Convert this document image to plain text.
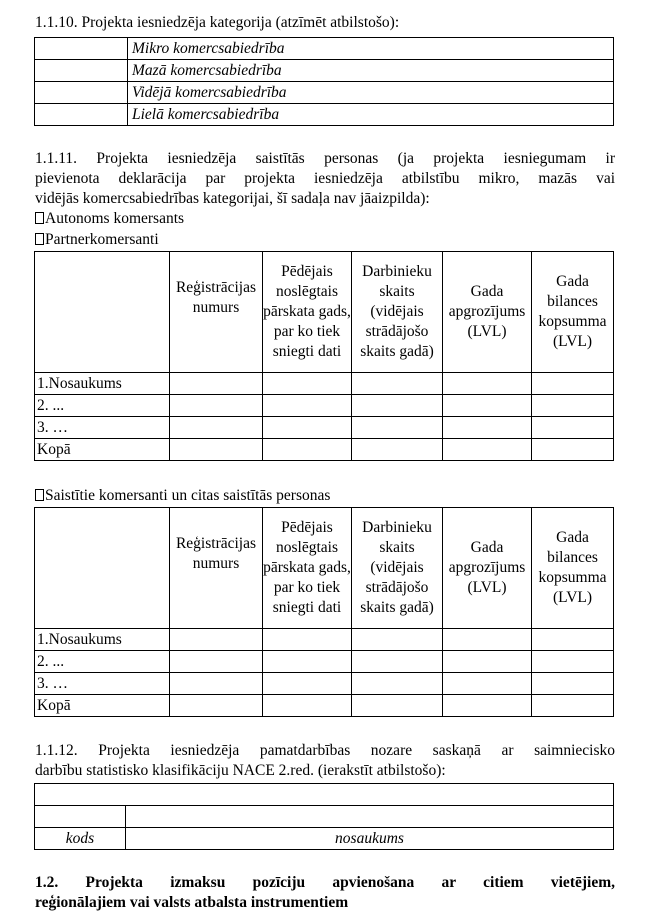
1.1.10. Projekta iesniedzēja kategorija (atzīmēt atbilstošo):
	Mikro komercsabiedrība
	Mazā komercsabiedrība
	Vidējā komercsabiedrība
	Lielā komercsabiedrība
1.1.11. Projekta iesniedzēja saistītās personas (ja projekta iesniegumam ir
pievienota deklarācija par projekta iesniedzēja atbilstību mikro, mazās vai
vidējās komercsabiedrības kategorijai, šī sadaļa nav jāaizpilda):
Autonoms komersants
Partnerkomersanti

	Reģistrācijas numurs	Pēdējais noslēgtais pārskata gads, par ko tiek sniegti dati	Darbinieku skaits (vidējais strādājošo skaits gadā)	Gada apgrozījums (LVL)	Gada bilances kopsumma (LVL)
1.Nosaukums					
2. ...					
3. …					
Kopā					
Saistītie komersanti un citas saistītās personas

	Reģistrācijas numurs	Pēdējais noslēgtais pārskata gads, par ko tiek sniegti dati	Darbinieku skaits (vidējais strādājošo skaits gadā)	Gada apgrozījums (LVL)	Gada bilances kopsumma (LVL)
1.Nosaukums					
2. ...					
3. …					
Kopā					
1.1.12. Projekta iesniedzēja pamatdarbības nozare saskaņā ar saimniecisko
darbību statistisko klasifikāciju NACE 2.red. (ierakstīt atbilstošo):

kods	nosaukums
1.2. Projekta izmaksu pozīciju apvienošana ar citiem vietējiem,
reģionālajiem vai valsts atbalsta instrumentiem
